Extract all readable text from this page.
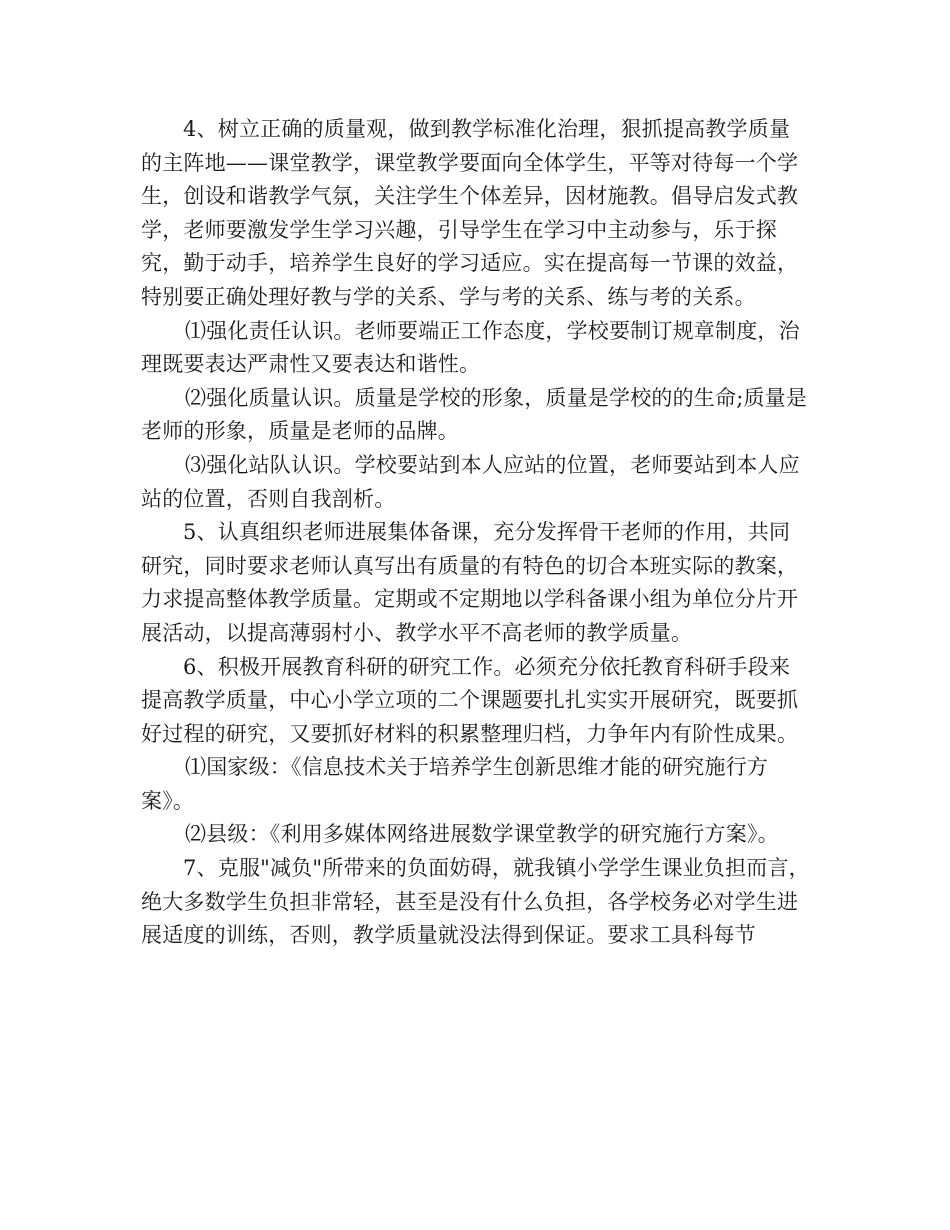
4、树立正确的质量观，做到教学标准化治理，狠抓提高教学质量的主阵地——课堂教学，课堂教学要面向全体学生，平等对待每一个学生，创设和谐教学气氛，关注学生个体差异，因材施教。倡导启发式教学，老师要激发学生学习兴趣，引导学生在学习中主动参与，乐于探究，勤于动手，培养学生良好的学习适应。实在提高每一节课的效益，特别要正确处理好教与学的关系、学与考的关系、练与考的关系。

⑴强化责任认识。老师要端正工作态度，学校要制订规章制度，治理既要表达严肃性又要表达和谐性。

⑵强化质量认识。质量是学校的形象，质量是学校的的生命;质量是老师的形象，质量是老师的品牌。

⑶强化站队认识。学校要站到本人应站的位置，老师要站到本人应站的位置，否则自我剖析。

5、认真组织老师进展集体备课，充分发挥骨干老师的作用，共同研究，同时要求老师认真写出有质量的有特色的切合本班实际的教案，力求提高整体教学质量。定期或不定期地以学科备课小组为单位分片开展活动，以提高薄弱村小、教学水平不高老师的教学质量。

6、积极开展教育科研的研究工作。必须充分依托教育科研手段来提高教学质量，中心小学立项的二个课题要扎扎实实开展研究，既要抓好过程的研究，又要抓好材料的积累整理归档，力争年内有阶性成果。

⑴国家级：《信息技术关于培养学生创新思维才能的研究施行方案》。

⑵县级：《利用多媒体网络进展数学课堂教学的研究施行方案》。

7、克服"减负"所带来的负面妨碍，就我镇小学学生课业负担而言，绝大多数学生负担非常轻，甚至是没有什么负担，各学校务必对学生进展适度的训练，否则，教学质量就没法得到保证。要求工具科每节
